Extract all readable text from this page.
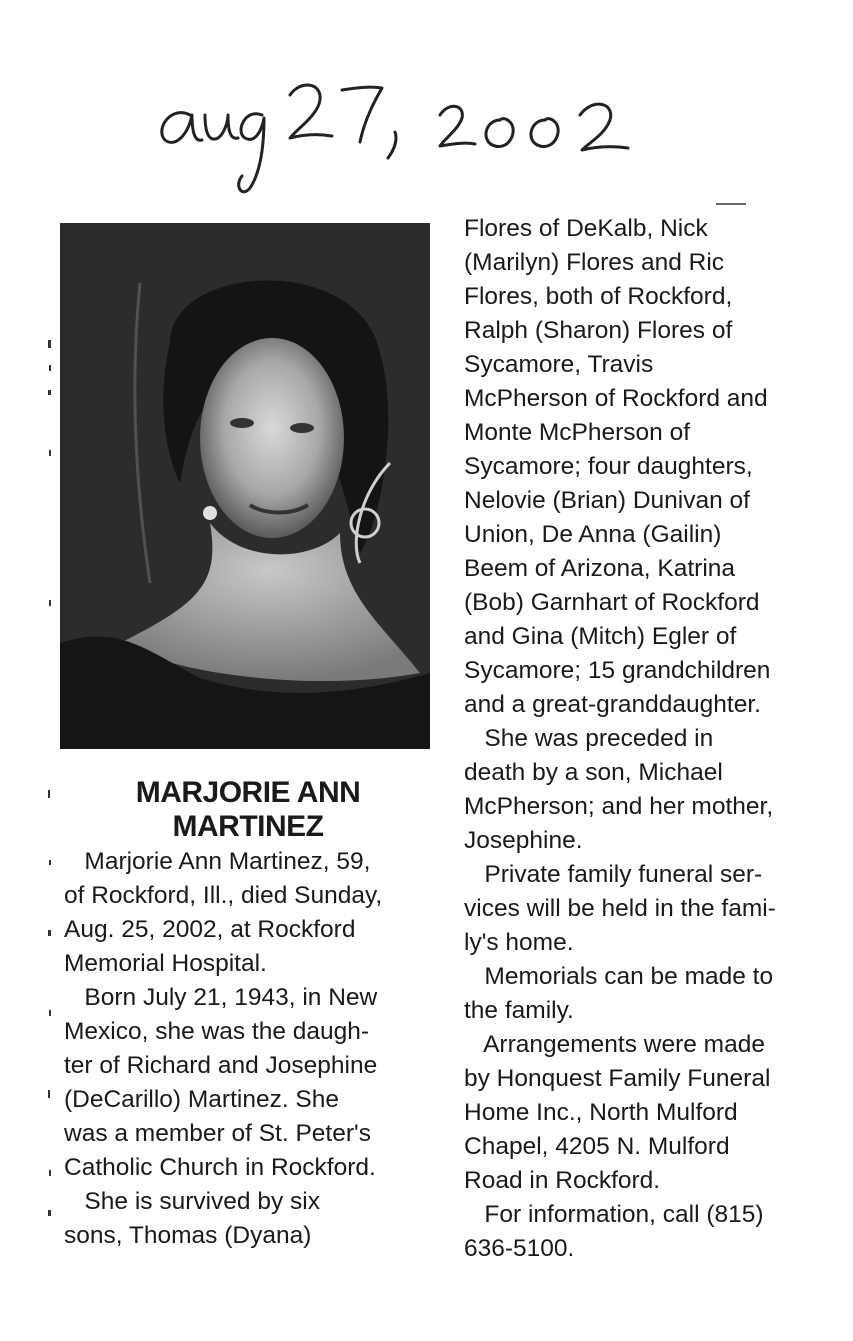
MARJORIE ANN
MARTINEZ

Marjorie Ann Martinez, 59,

of Rockford, Ill., died Sunday,

Aug. 25, 2002, at Rockford

Memorial Hospital.

Born July 21, 1943, in New

Mexico, she was the daugh-

ter of Richard and Josephine

(DeCarillo) Martinez. She

was a member of St. Peter's

Catholic Church in Rockford.

She is survived by six

sons, Thomas (Dyana)

Flores of DeKalb, Nick

(Marilyn) Flores and Ric

Flores, both of Rockford,

Ralph (Sharon) Flores of

Sycamore, Travis

McPherson of Rockford and

Monte McPherson of

Sycamore; four daughters,

Nelovie (Brian) Dunivan of

Union, De Anna (Gailin)

Beem of Arizona, Katrina

(Bob) Garnhart of Rockford

and Gina (Mitch) Egler of

Sycamore; 15 grandchildren

and a great-granddaughter.

She was preceded in

death by a son, Michael

McPherson; and her mother,

Josephine.

Private family funeral ser-

vices will be held in the fami-

ly's home.

Memorials can be made to

the family.

Arrangements were made

by Honquest Family Funeral

Home Inc., North Mulford

Chapel, 4205 N. Mulford

Road in Rockford.

For information, call (815)

636-5100.
